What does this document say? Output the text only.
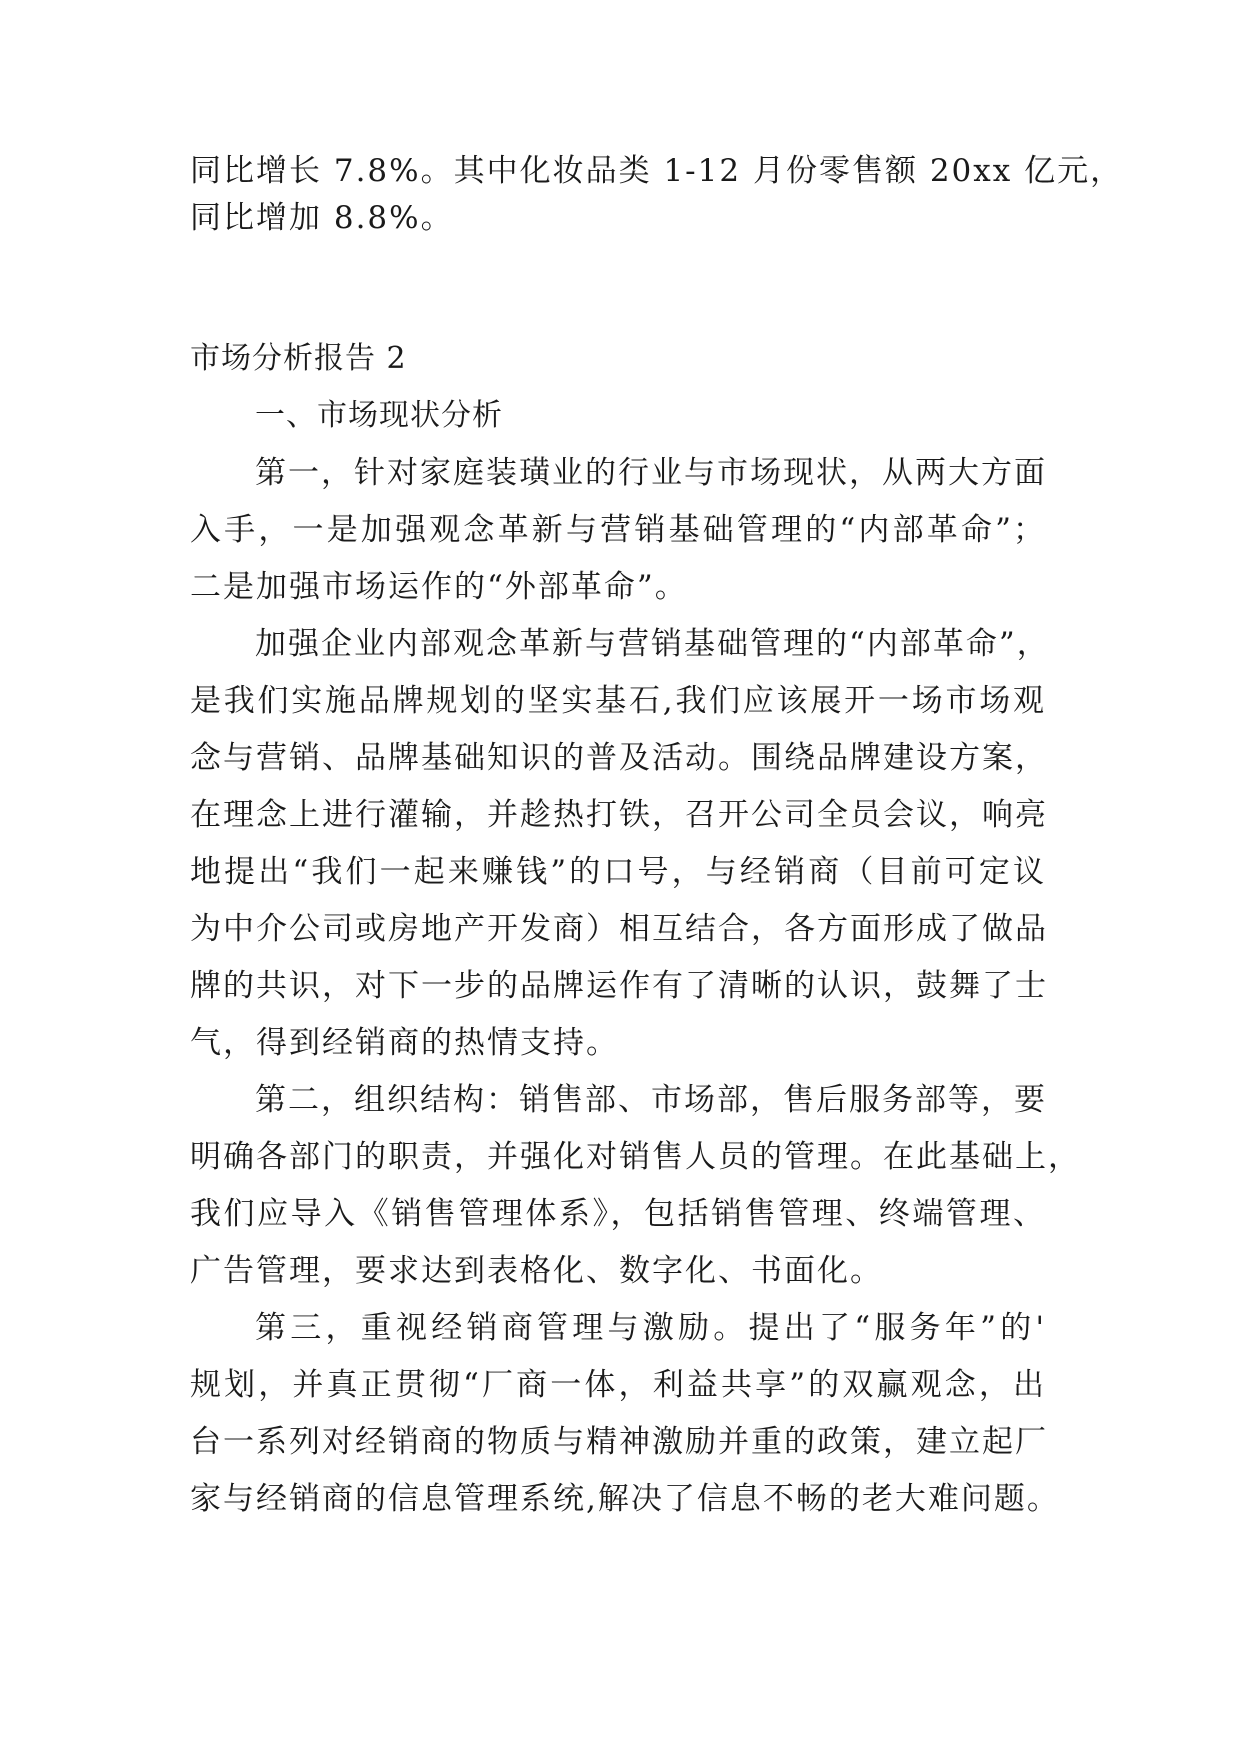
同比增长 7.8%。其中化妆品类 1-12 月份零售额 20xx 亿元，

同比增加 8.8%。

市场分析报告 2

一、市场现状分析

第一，针对家庭装璜业的行业与市场现状，从两大方面

入手，一是加强观念革新与营销基础管理的“内部革命”；

二是加强市场运作的“外部革命”。

加强企业内部观念革新与营销基础管理的“内部革命”，

是我们实施品牌规划的坚实基石,我们应该展开一场市场观

念与营销、品牌基础知识的普及活动。围绕品牌建设方案，

在理念上进行灌输，并趁热打铁，召开公司全员会议，响亮

地提出“我们一起来赚钱”的口号，与经销商（目前可定议

为中介公司或房地产开发商）相互结合，各方面形成了做品

牌的共识，对下一步的品牌运作有了清晰的认识，鼓舞了士

气，得到经销商的热情支持。

第二，组织结构：销售部、市场部，售后服务部等，要

明确各部门的职责，并强化对销售人员的管理。在此基础上，

我们应导入《销售管理体系》，包括销售管理、终端管理、

广告管理，要求达到表格化、数字化、书面化。

第三，重视经销商管理与激励。提出了“服务年”的'

规划，并真正贯彻“厂商一体，利益共享”的双赢观念，出

台一系列对经销商的物质与精神激励并重的政策，建立起厂

家与经销商的信息管理系统,解决了信息不畅的老大难问题。
